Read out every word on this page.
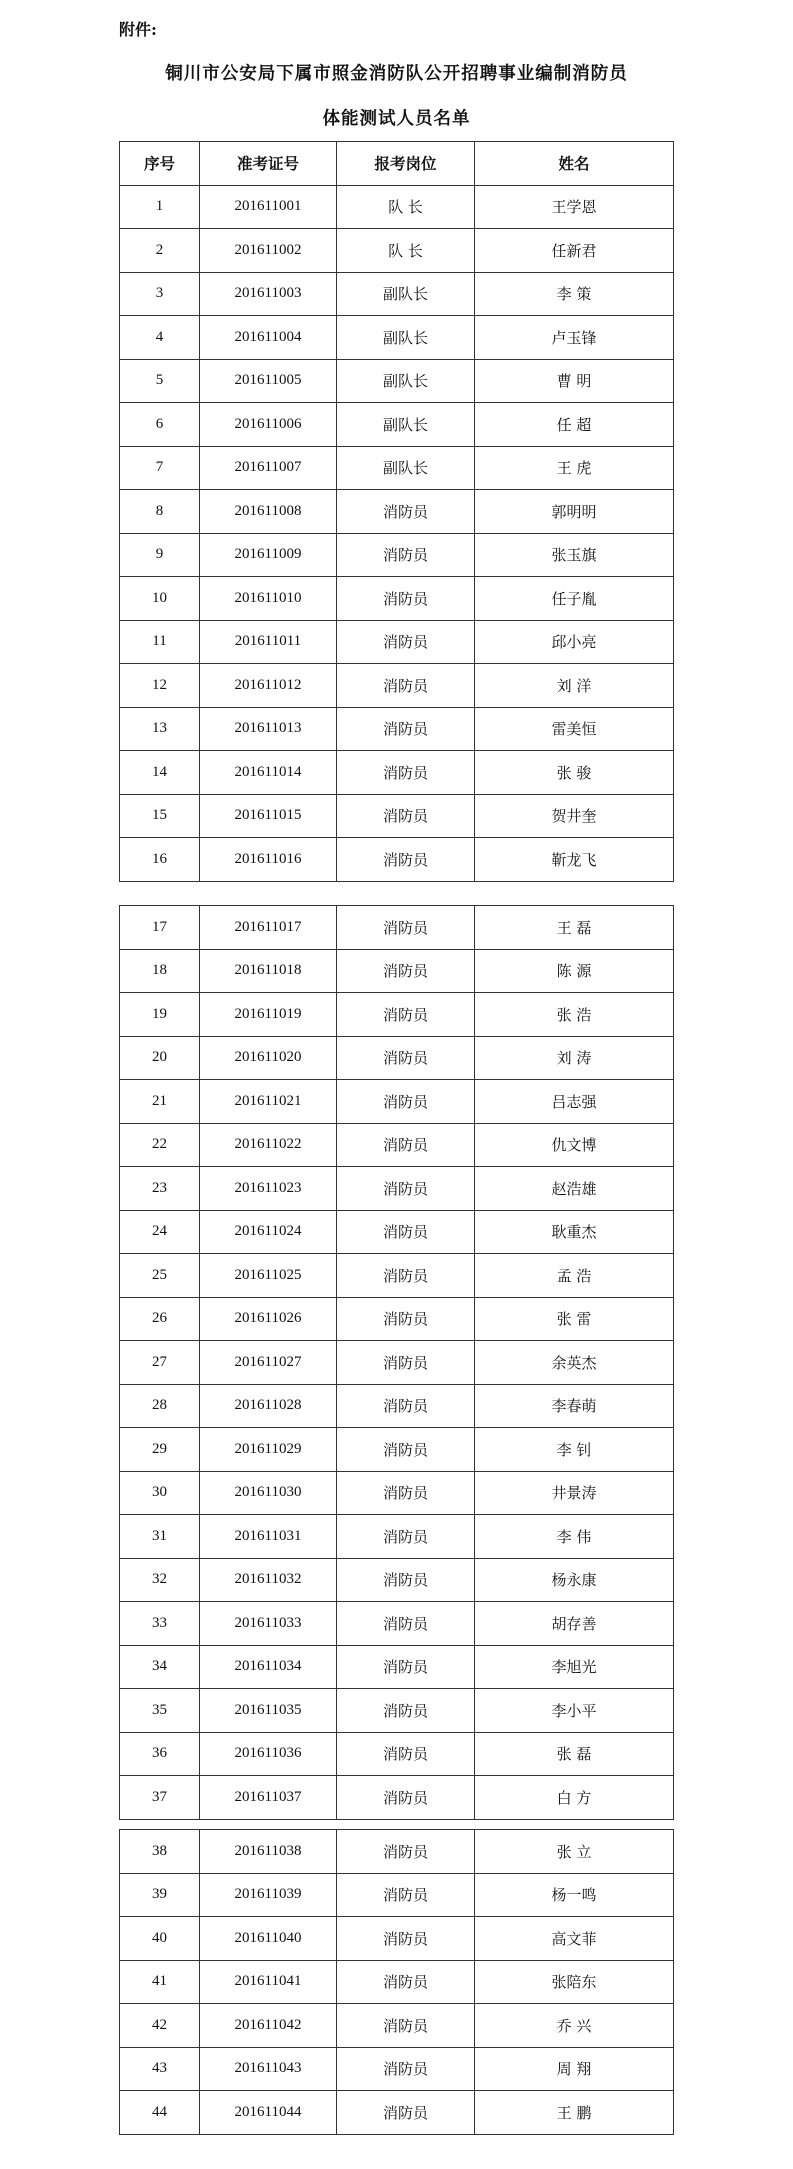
附件:
铜川市公安局下属市照金消防队公开招聘事业编制消防员
体能测试人员名单
序号	准考证号	报考岗位	姓名
1	201611001	队 长	王学恩
2	201611002	队 长	任新君
3	201611003	副队长	李 策
4	201611004	副队长	卢玉锋
5	201611005	副队长	曹 明
6	201611006	副队长	任 超
7	201611007	副队长	王 虎
8	201611008	消防员	郭明明
9	201611009	消防员	张玉旗
10	201611010	消防员	任子胤
11	201611011	消防员	邱小亮
12	201611012	消防员	刘 洋
13	201611013	消防员	雷美恒
14	201611014	消防员	张 骏
15	201611015	消防员	贺井奎
16	201611016	消防员	靳龙飞
17	201611017	消防员	王 磊
18	201611018	消防员	陈 源
19	201611019	消防员	张 浩
20	201611020	消防员	刘 涛
21	201611021	消防员	吕志强
22	201611022	消防员	仇文博
23	201611023	消防员	赵浩雄
24	201611024	消防员	耿重杰
25	201611025	消防员	孟 浩
26	201611026	消防员	张 雷
27	201611027	消防员	余英杰
28	201611028	消防员	李春萌
29	201611029	消防员	李 钊
30	201611030	消防员	井景涛
31	201611031	消防员	李 伟
32	201611032	消防员	杨永康
33	201611033	消防员	胡存善
34	201611034	消防员	李旭光
35	201611035	消防员	李小平
36	201611036	消防员	张 磊
37	201611037	消防员	白 方
38	201611038	消防员	张 立
39	201611039	消防员	杨一鸣
40	201611040	消防员	高文菲
41	201611041	消防员	张陪东
42	201611042	消防员	乔 兴
43	201611043	消防员	周 翔
44	201611044	消防员	王 鹏
